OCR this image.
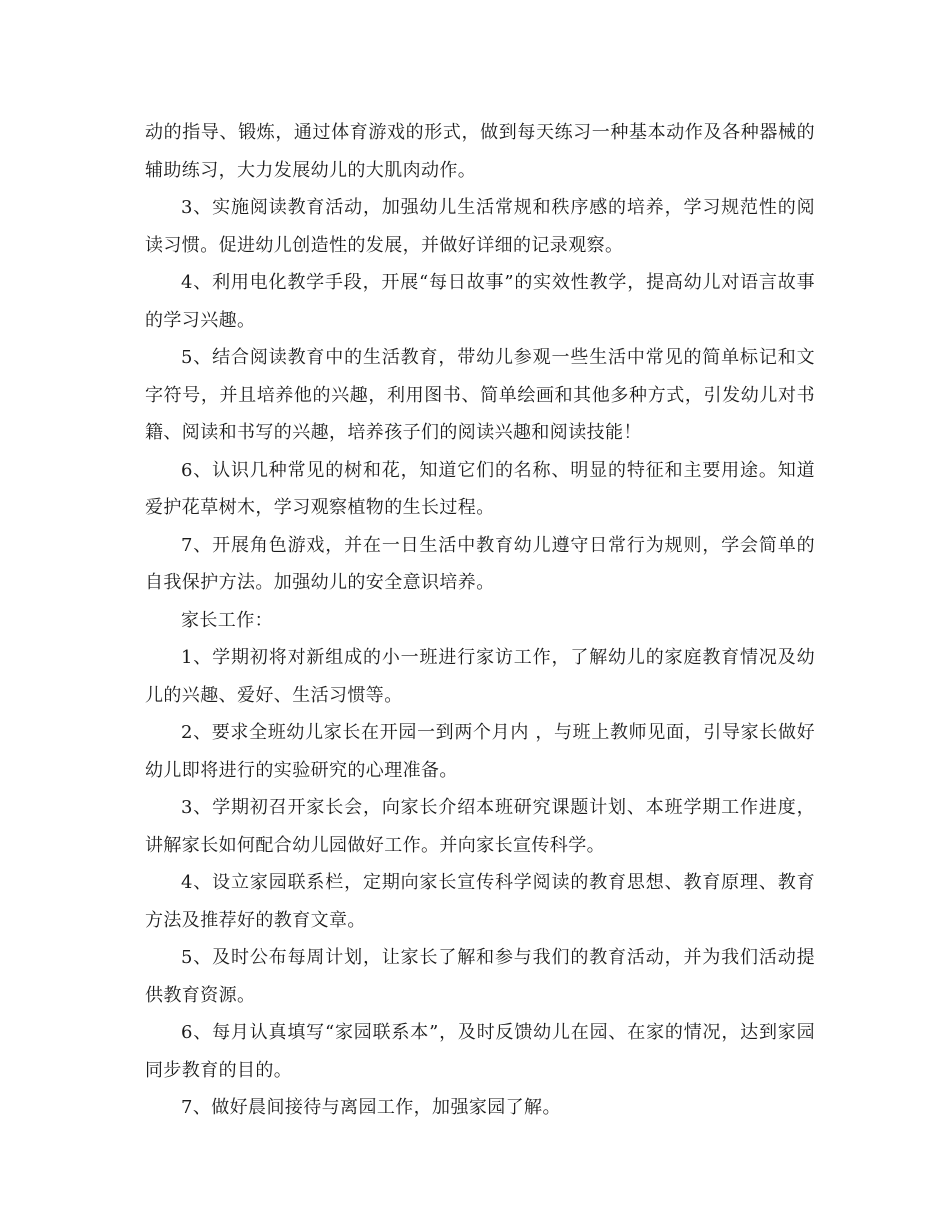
动的指导、锻炼，通过体育游戏的形式，做到每天练习一种基本动作及各种器械的辅助练习，大力发展幼儿的大肌肉动作。

3、实施阅读教育活动，加强幼儿生活常规和秩序感的培养，学习规范性的阅读习惯。促进幼儿创造性的发展，并做好详细的记录观察。

4、利用电化教学手段，开展“每日故事”的实效性教学，提高幼儿对语言故事的学习兴趣。

5、结合阅读教育中的生活教育，带幼儿参观一些生活中常见的简单标记和文字符号，并且培养他的兴趣，利用图书、简单绘画和其他多种方式，引发幼儿对书籍、阅读和书写的兴趣，培养孩子们的阅读兴趣和阅读技能！

6、认识几种常见的树和花，知道它们的名称、明显的特征和主要用途。知道爱护花草树木，学习观察植物的生长过程。

7、开展角色游戏，并在一日生活中教育幼儿遵守日常行为规则，学会简单的自我保护方法。加强幼儿的安全意识培养。

家长工作：

1、学期初将对新组成的小一班进行家访工作，了解幼儿的家庭教育情况及幼儿的兴趣、爱好、生活习惯等。

2、要求全班幼儿家长在开园一到两个月内 ，与班上教师见面，引导家长做好幼儿即将进行的实验研究的心理准备。

3、学期初召开家长会，向家长介绍本班研究课题计划、本班学期工作进度，讲解家长如何配合幼儿园做好工作。并向家长宣传科学。

4、设立家园联系栏，定期向家长宣传科学阅读的教育思想、教育原理、教育方法及推荐好的教育文章。

5、及时公布每周计划，让家长了解和参与我们的教育活动，并为我们活动提供教育资源。

6、每月认真填写“家园联系本”，及时反馈幼儿在园、在家的情况，达到家园同步教育的目的。

7、做好晨间接待与离园工作，加强家园了解。
